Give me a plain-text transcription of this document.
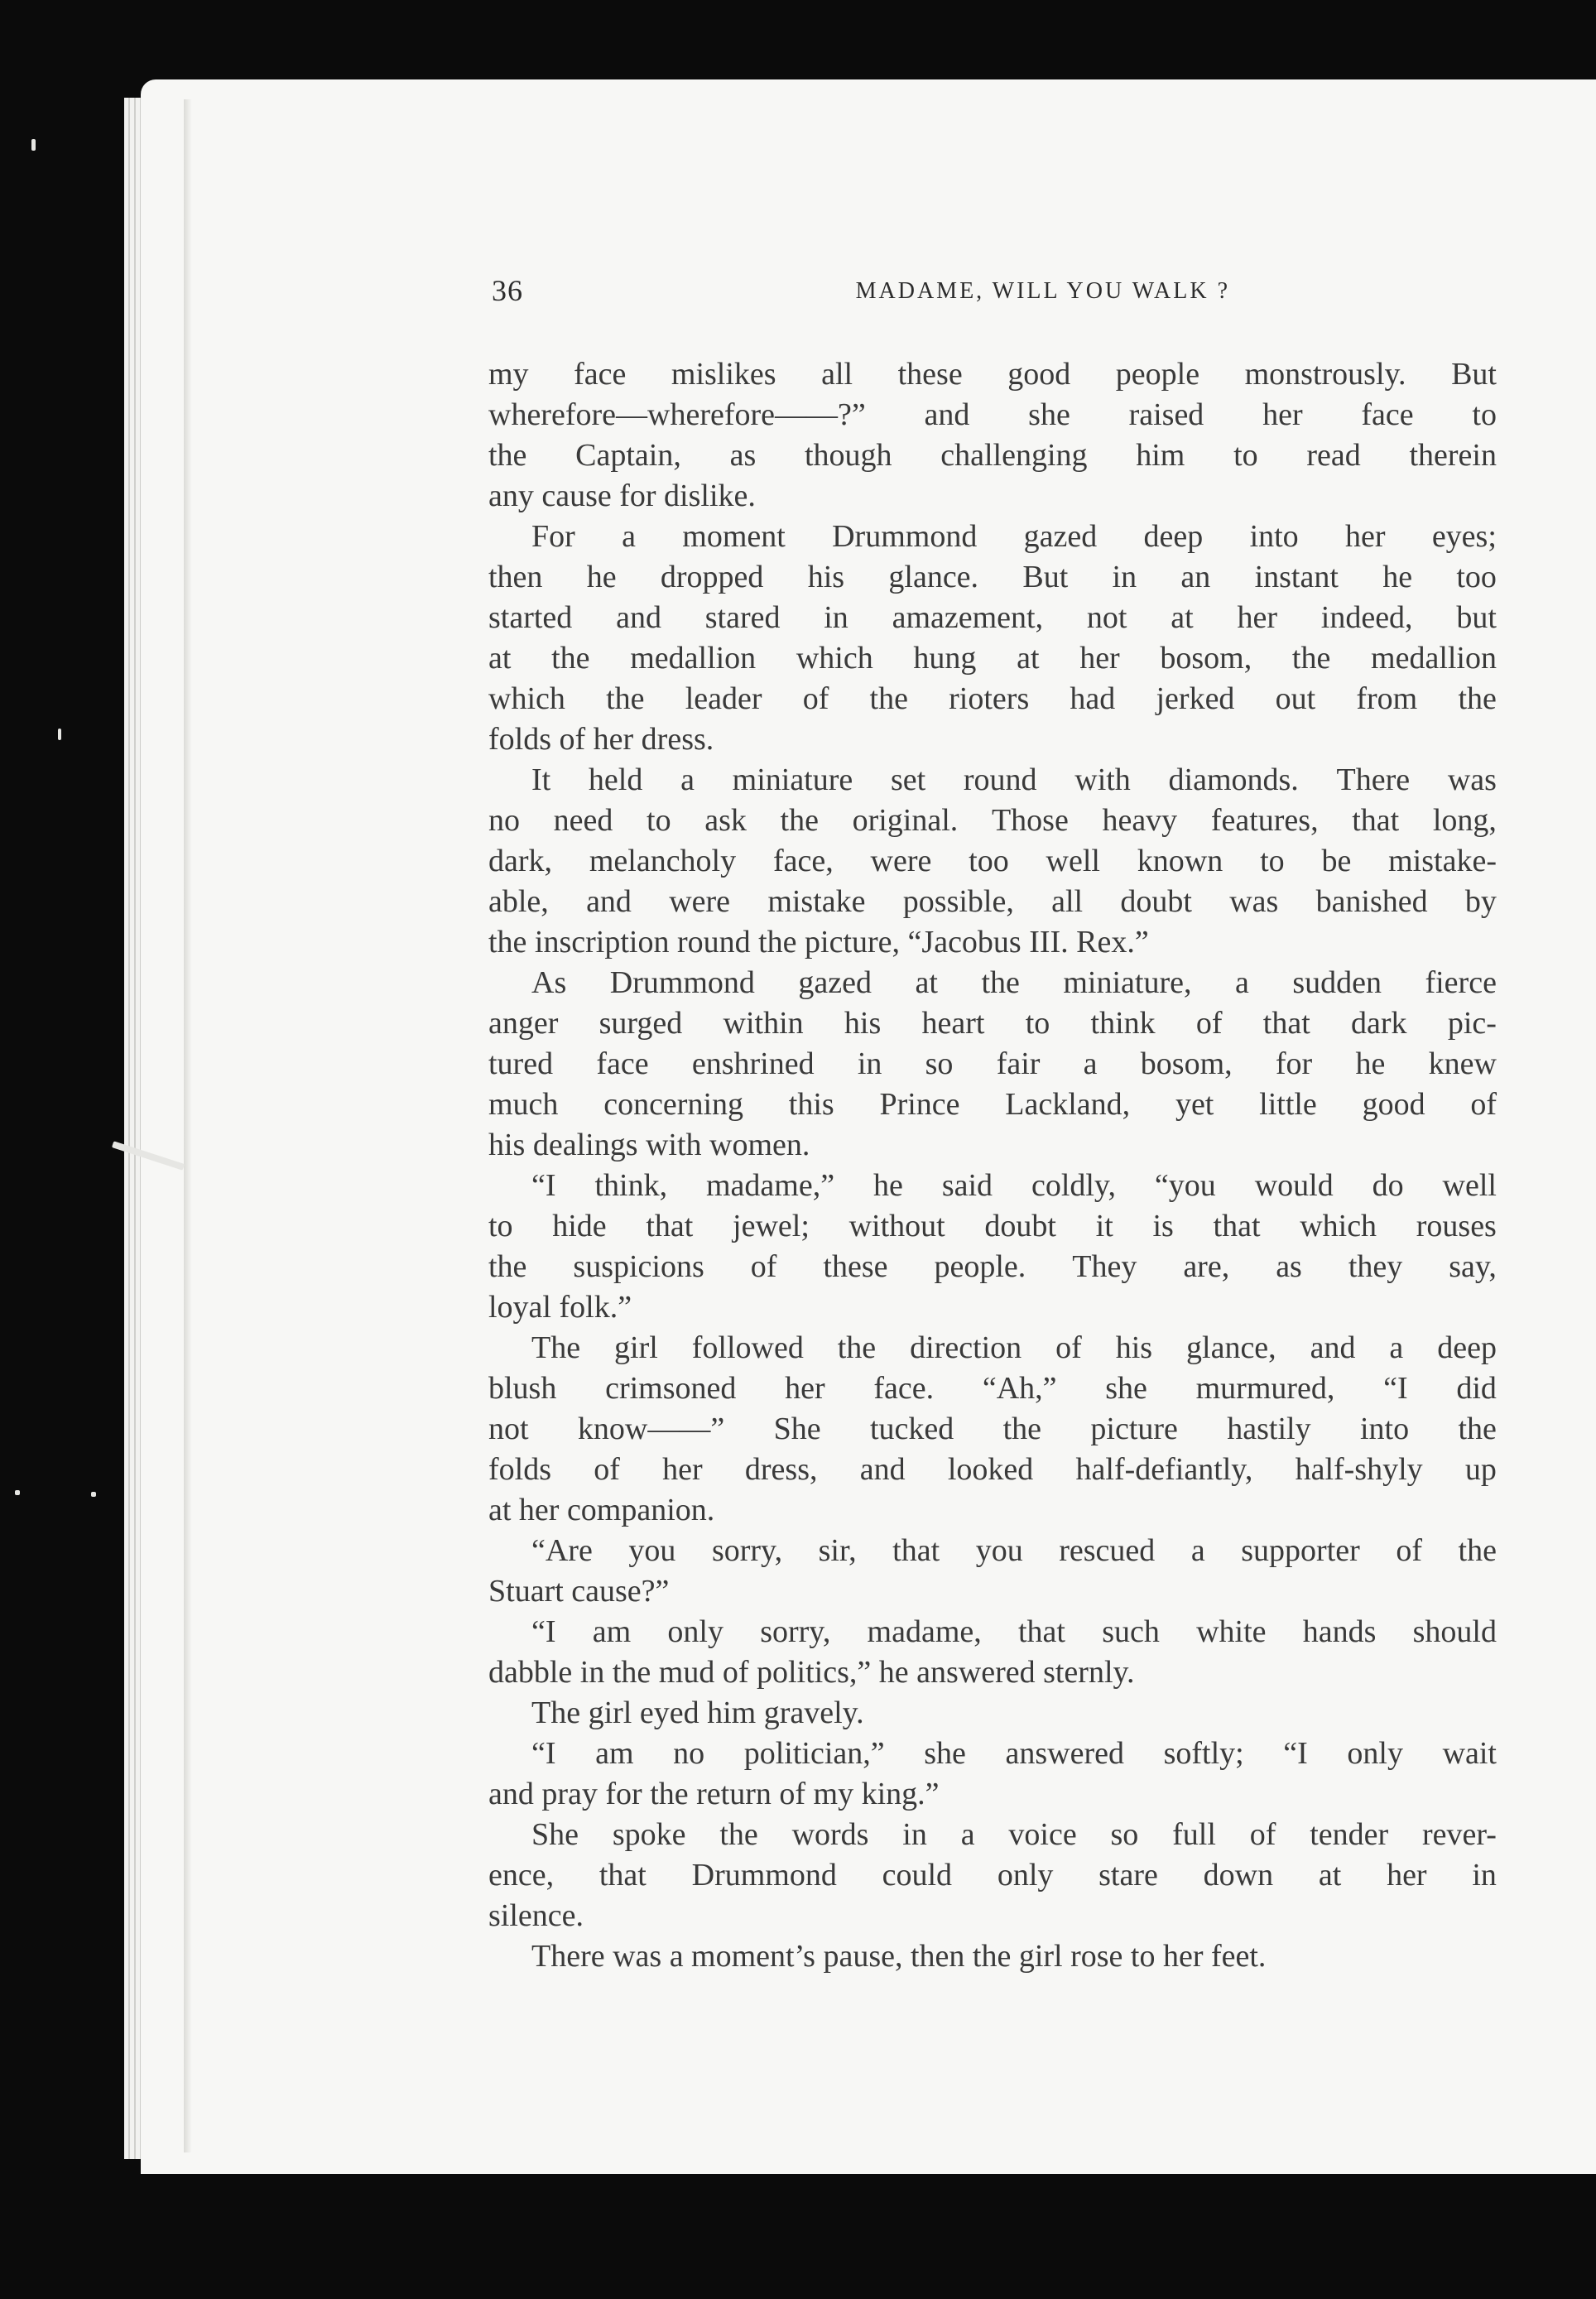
36	MADAME, WILL YOU WALK ?
my face mislikes all these good people monstrously. But
wherefore—wherefore——?” and she raised her face to
the Captain, as though challenging him to read therein
any cause for dislike.
For a moment Drummond gazed deep into her eyes;
then he dropped his glance. But in an instant he too
started and stared in amazement, not at her indeed, but
at the medallion which hung at her bosom, the medallion
which the leader of the rioters had jerked out from the
folds of her dress.
It held a miniature set round with diamonds. There was
no need to ask the original. Those heavy features, that long,
dark, melancholy face, were too well known to be mistake-
able, and were mistake possible, all doubt was banished by
the inscription round the picture, “Jacobus III. Rex.”
As Drummond gazed at the miniature, a sudden fierce
anger surged within his heart to think of that dark pic-
tured face enshrined in so fair a bosom, for he knew
much concerning this Prince Lackland, yet little good of
his dealings with women.
“I think, madame,” he said coldly, “you would do well
to hide that jewel; without doubt it is that which rouses
the suspicions of these people. They are, as they say,
loyal folk.”
The girl followed the direction of his glance, and a deep
blush crimsoned her face. “Ah,” she murmured, “I did
not know——” She tucked the picture hastily into the
folds of her dress, and looked half-defiantly, half-shyly up
at her companion.
“Are you sorry, sir, that you rescued a supporter of the
Stuart cause?”
“I am only sorry, madame, that such white hands should
dabble in the mud of politics,” he answered sternly.
The girl eyed him gravely.
“I am no politician,” she answered softly; “I only wait
and pray for the return of my king.”
She spoke the words in a voice so full of tender rever-
ence, that Drummond could only stare down at her in
silence.
There was a moment’s pause, then the girl rose to her feet.
